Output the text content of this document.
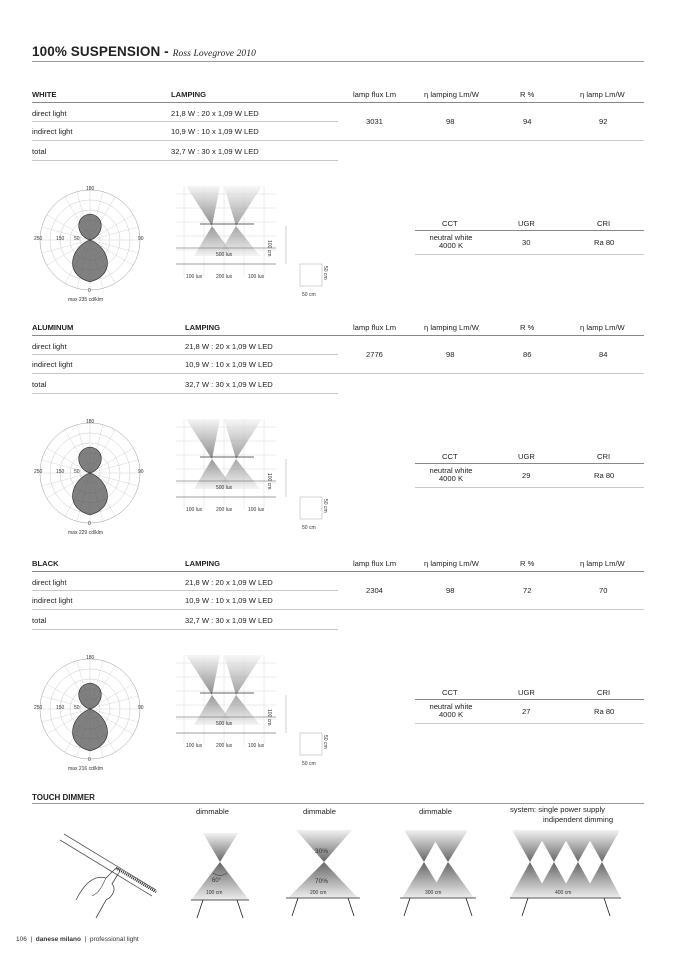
100% SUSPENSION - Ross Lovegrove 2010
WHITE	LAMPING	lamp flux Lm	η lamping Lm/W	R %	η lamp Lm/W
direct light	21,8 W : 20 x 1,09 W LED
indirect light	10,9 W : 10 x 1,09 W LED
total	32,7 W : 30 x 1,09 W LED
3031	98	94	92
CCT	UGR	CRI
neutral white
4000 K	30	Ra 80
180
250	150 50	90
0
max 235 cd/klm
500 lux
100 lux	200 lux	100 lux
100 cm
50 cm
50 cm
ALUMINUM	LAMPING	lamp flux Lm	η lamping Lm/W	R %	η lamp Lm/W
direct light	21,8 W : 20 x 1,09 W LED
indirect light	10,9 W : 10 x 1,09 W LED
total	32,7 W : 30 x 1,09 W LED
2776	98	86	84
CCT	UGR	CRI
neutral white
4000 K	29	Ra 80
180
250	150 50	90
0
max 229 cd/klm
500 lux
100 lux	200 lux	100 lux
100 cm
50 cm
50 cm
BLACK	LAMPING	lamp flux Lm	η lamping Lm/W	R %	η lamp Lm/W
direct light	21,8 W : 20 x 1,09 W LED
indirect light	10,9 W : 10 x 1,09 W LED
total	32,7 W : 30 x 1,09 W LED
2304	98	72	70
CCT	UGR	CRI
neutral white
4000 K	27	Ra 80
180
250	150 50	90
0
max 216 cd/klm
500 lux
100 lux	200 lux	100 lux
100 cm
50 cm
50 cm
TOUCH DIMMER
dimmable	dimmable	dimmable	system: single power supply
indipendent dimming
60°
100 cm
30%
70%
200 cm	300 cm	400 cm
106  |  danese milano  |  professional light
